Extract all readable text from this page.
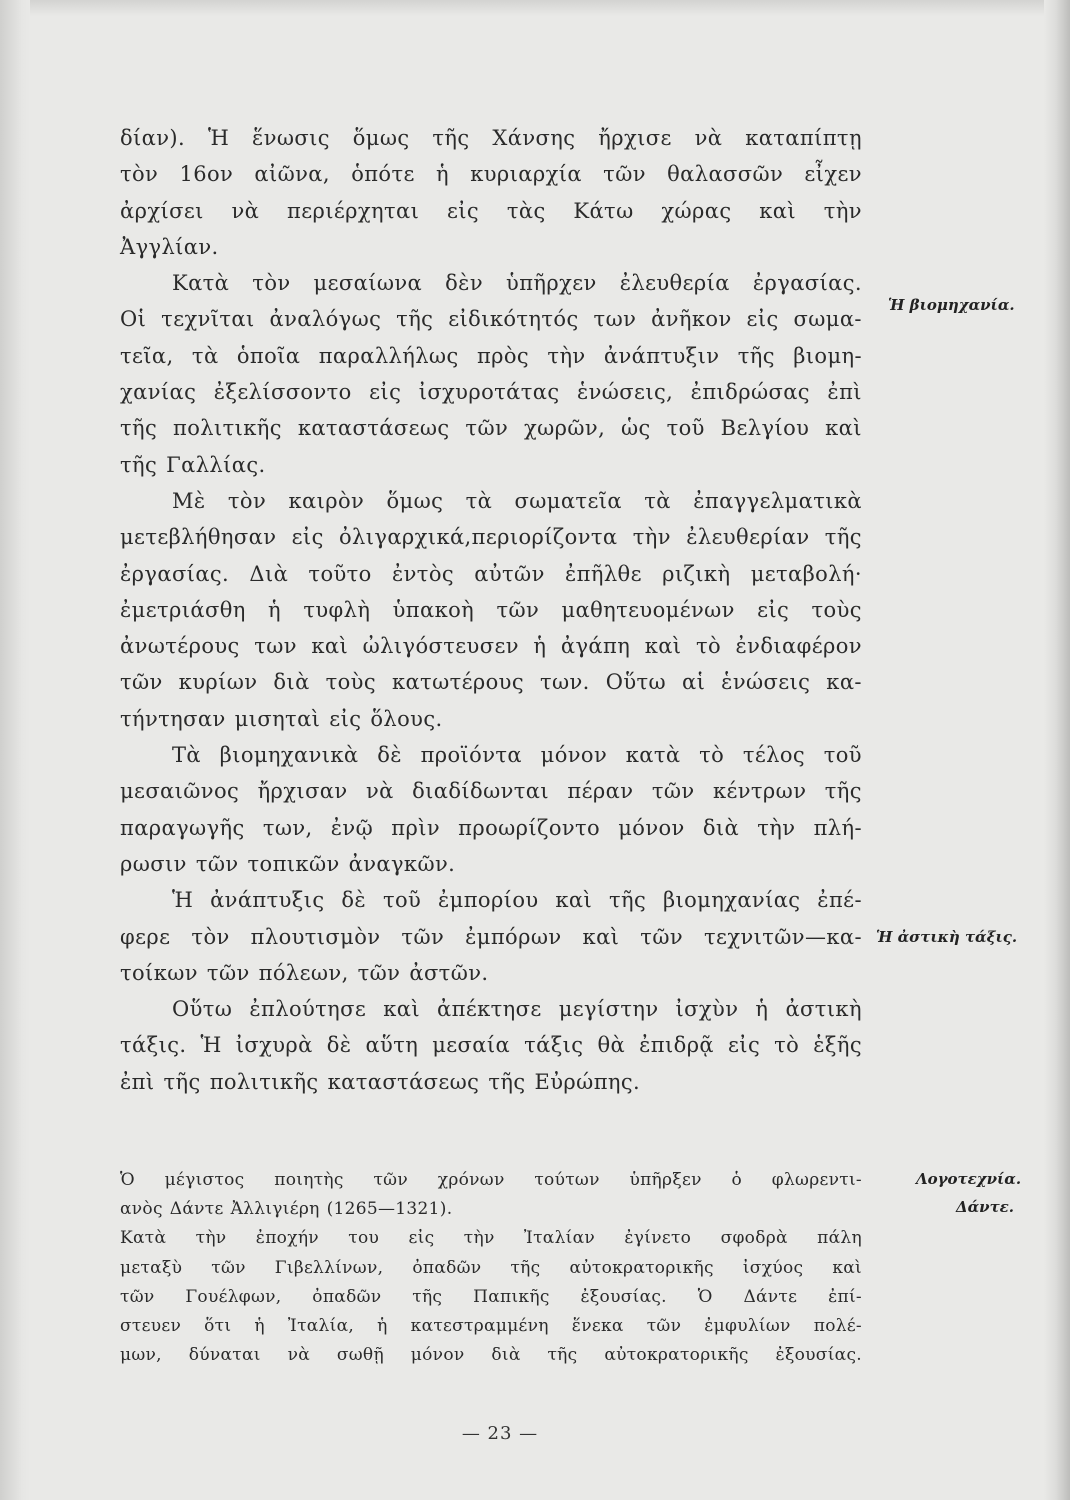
δίαν). Ἡ ἕνωσις ὅμως τῆς Χάνσης ἤρχισε νὰ καταπίπτῃ
τὸν 16ον αἰῶνα, ὁπότε ἡ κυριαρχία τῶν θαλασσῶν εἶχεν
ἀρχίσει νὰ περιέρχηται εἰς τὰς Κάτω χώρας καὶ τὴν
Ἀγγλίαν.
Κατὰ τὸν μεσαίωνα δὲν ὑπῆρχεν ἐλευθερία ἐργασίας.
Οἱ τεχνῖται ἀναλόγως τῆς εἰδικότητός των ἀνῆκον εἰς σωμα-
τεῖα, τὰ ὁποῖα παραλλήλως πρὸς τὴν ἀνάπτυξιν τῆς βιομη-
χανίας ἐξελίσσοντο εἰς ἰσχυροτάτας ἑνώσεις, ἐπιδρώσας ἐπὶ
τῆς πολιτικῆς καταστάσεως τῶν χωρῶν, ὡς τοῦ Βελγίου καὶ
τῆς Γαλλίας.
Μὲ τὸν καιρὸν ὅμως τὰ σωματεῖα τὰ ἐπαγγελματικὰ
μετεβλήθησαν εἰς ὀλιγαρχικά,περιορίζοντα τὴν ἐλευθερίαν τῆς
ἐργασίας. Διὰ τοῦτο ἐντὸς αὐτῶν ἐπῆλθε ριζικὴ μεταβολή·
ἐμετριάσθη ἡ τυφλὴ ὑπακοὴ τῶν μαθητευομένων εἰς τοὺς
ἀνωτέρους των καὶ ὠλιγόστευσεν ἡ ἀγάπη καὶ τὸ ἐνδιαφέρον
τῶν κυρίων διὰ τοὺς κατωτέρους των. Οὕτω αἱ ἑνώσεις κα-
τήντησαν μισηταὶ εἰς ὅλους.
Τὰ βιομηχανικὰ δὲ προϊόντα μόνον κατὰ τὸ τέλος τοῦ
μεσαιῶνος ἤρχισαν νὰ διαδίδωνται πέραν τῶν κέντρων τῆς
παραγωγῆς των, ἐνῷ πρὶν προωρίζοντο μόνον διὰ τὴν πλή-
ρωσιν τῶν τοπικῶν ἀναγκῶν.
Ἡ ἀνάπτυξις δὲ τοῦ ἐμπορίου καὶ τῆς βιομηχανίας ἐπέ-
φερε τὸν πλουτισμὸν τῶν ἐμπόρων καὶ τῶν τεχνιτῶν—κα-
τοίκων τῶν πόλεων, τῶν ἀστῶν.
Οὕτω ἐπλούτησε καὶ ἀπέκτησε μεγίστην ἰσχὺν ἡ ἀστικὴ
τάξις. Ἡ ἰσχυρὰ δὲ αὕτη μεσαία τάξις θὰ ἐπιδρᾷ εἰς τὸ ἑξῆς
ἐπὶ τῆς πολιτικῆς καταστάσεως τῆς Εὐρώπης.
Ὁ μέγιστος ποιητὴς τῶν χρόνων τούτων ὑπῆρξεν ὁ φλωρεντι-
ανὸς Δάντε Ἀλλιγιέρη (1265—1321).
Κατὰ τὴν ἐποχήν του εἰς τὴν Ἰταλίαν ἐγίνετο σφοδρὰ πάλη
μεταξὺ τῶν Γιβελλίνων, ὀπαδῶν τῆς αὐτοκρατορικῆς ἰσχύος καὶ
τῶν Γουέλφων, ὀπαδῶν τῆς Παπικῆς ἐξουσίας. Ὁ Δάντε ἐπί-
στευεν ὅτι ἡ Ἰταλία, ἡ κατεστραμμένη ἕνεκα τῶν ἐμφυλίων πολέ-
μων, δύναται νὰ σωθῇ μόνον διὰ τῆς αὐτοκρατορικῆς ἐξουσίας.
Ἡ βιομηχανία.
Ἡ ἀστικὴ τάξις.
Λογοτεχνία.
Δάντε.
— 23 —
